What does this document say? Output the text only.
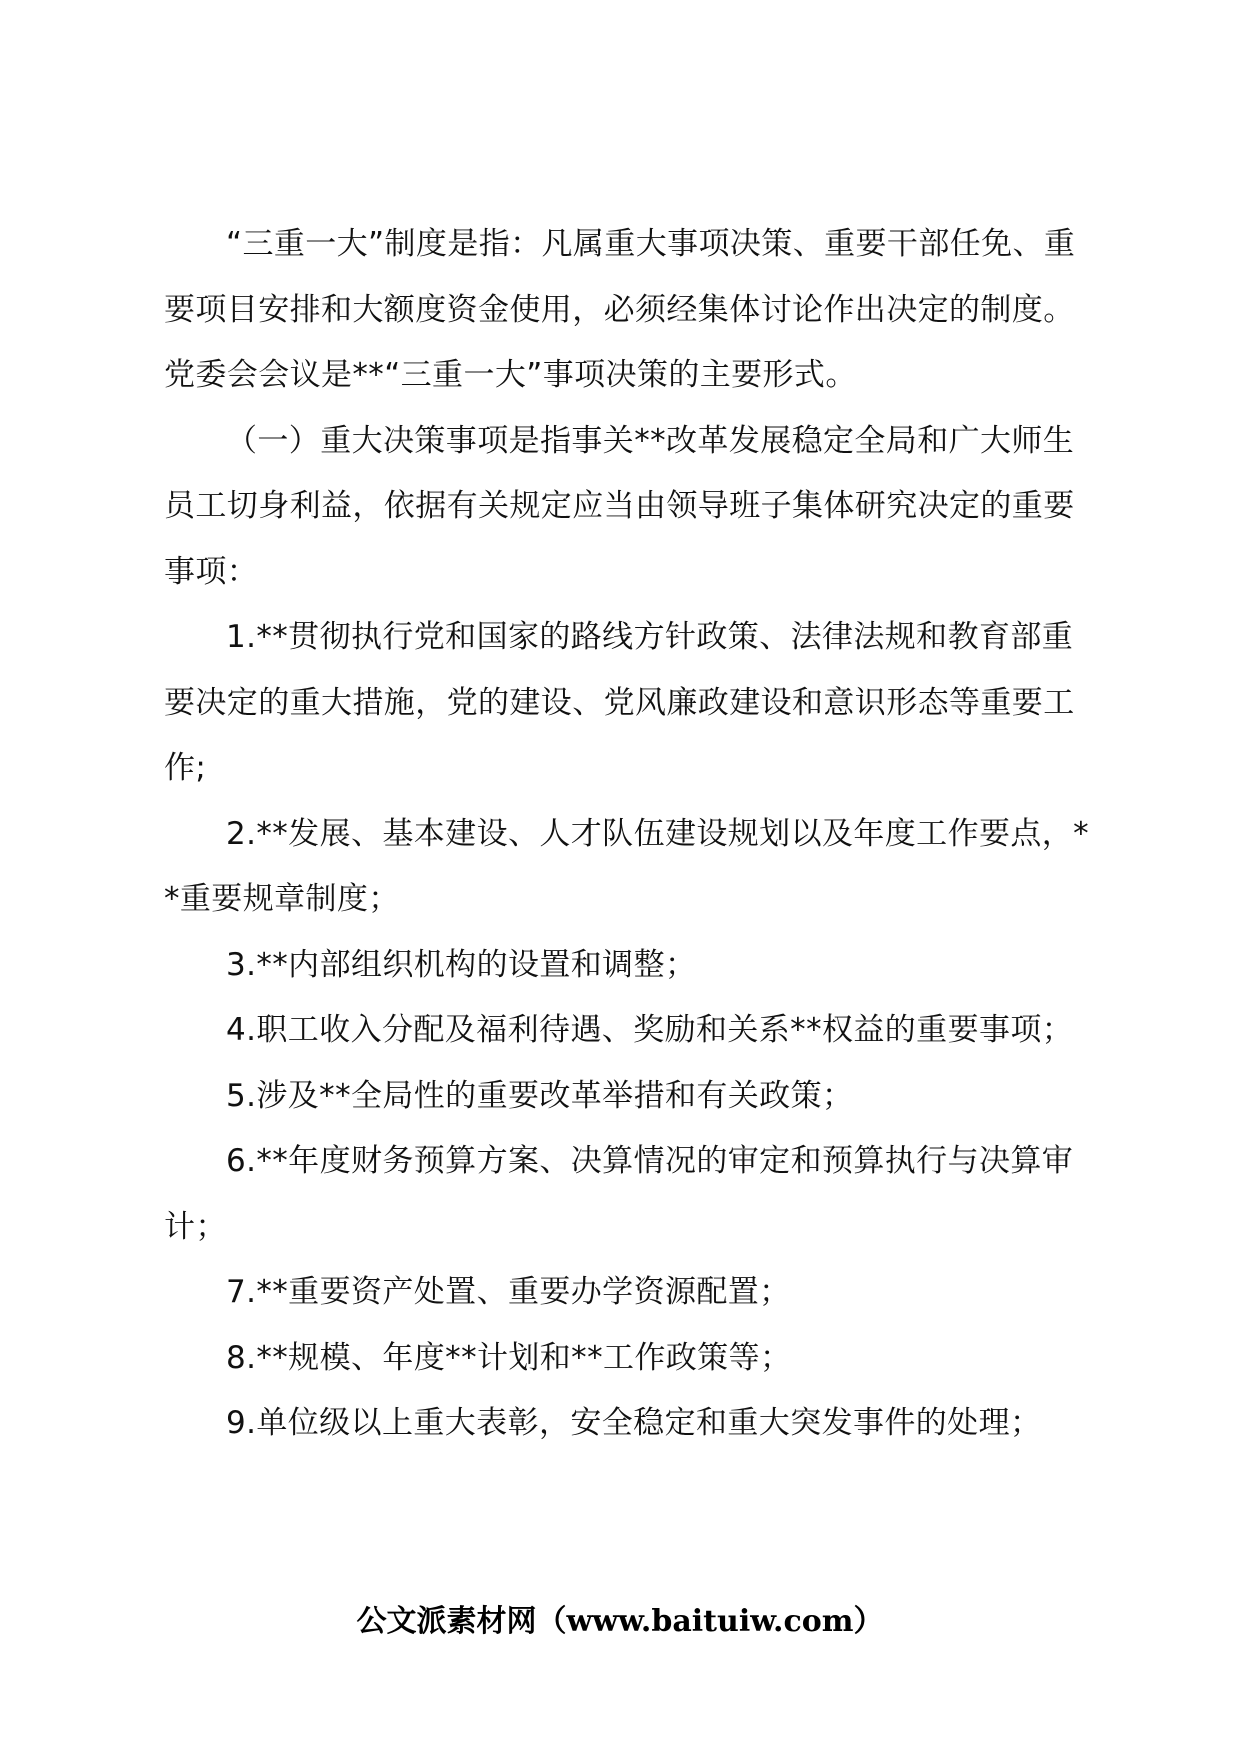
“三重一大”制度是指：凡属重大事项决策、重要干部任免、重要项目安排和大额度资金使用，必须经集体讨论作出决定的制度。党委会会议是**“三重一大”事项决策的主要形式。

（一）重大决策事项是指事关**改革发展稳定全局和广大师生员工切身利益，依据有关规定应当由领导班子集体研究决定的重要事项：

1.**贯彻执行党和国家的路线方针政策、法律法规和教育部重要决定的重大措施，党的建设、党风廉政建设和意识形态等重要工作;

2.**发展、基本建设、人才队伍建设规划以及年度工作要点，**重要规章制度；

3.**内部组织机构的设置和调整；

4.职工收入分配及福利待遇、奖励和关系**权益的重要事项；

5.涉及**全局性的重要改革举措和有关政策；

6.**年度财务预算方案、决算情况的审定和预算执行与决算审计；

7.**重要资产处置、重要办学资源配置；

8.**规模、年度**计划和**工作政策等；

9.单位级以上重大表彰，安全稳定和重大突发事件的处理；

公文派素材网（www.baituiw.com）
